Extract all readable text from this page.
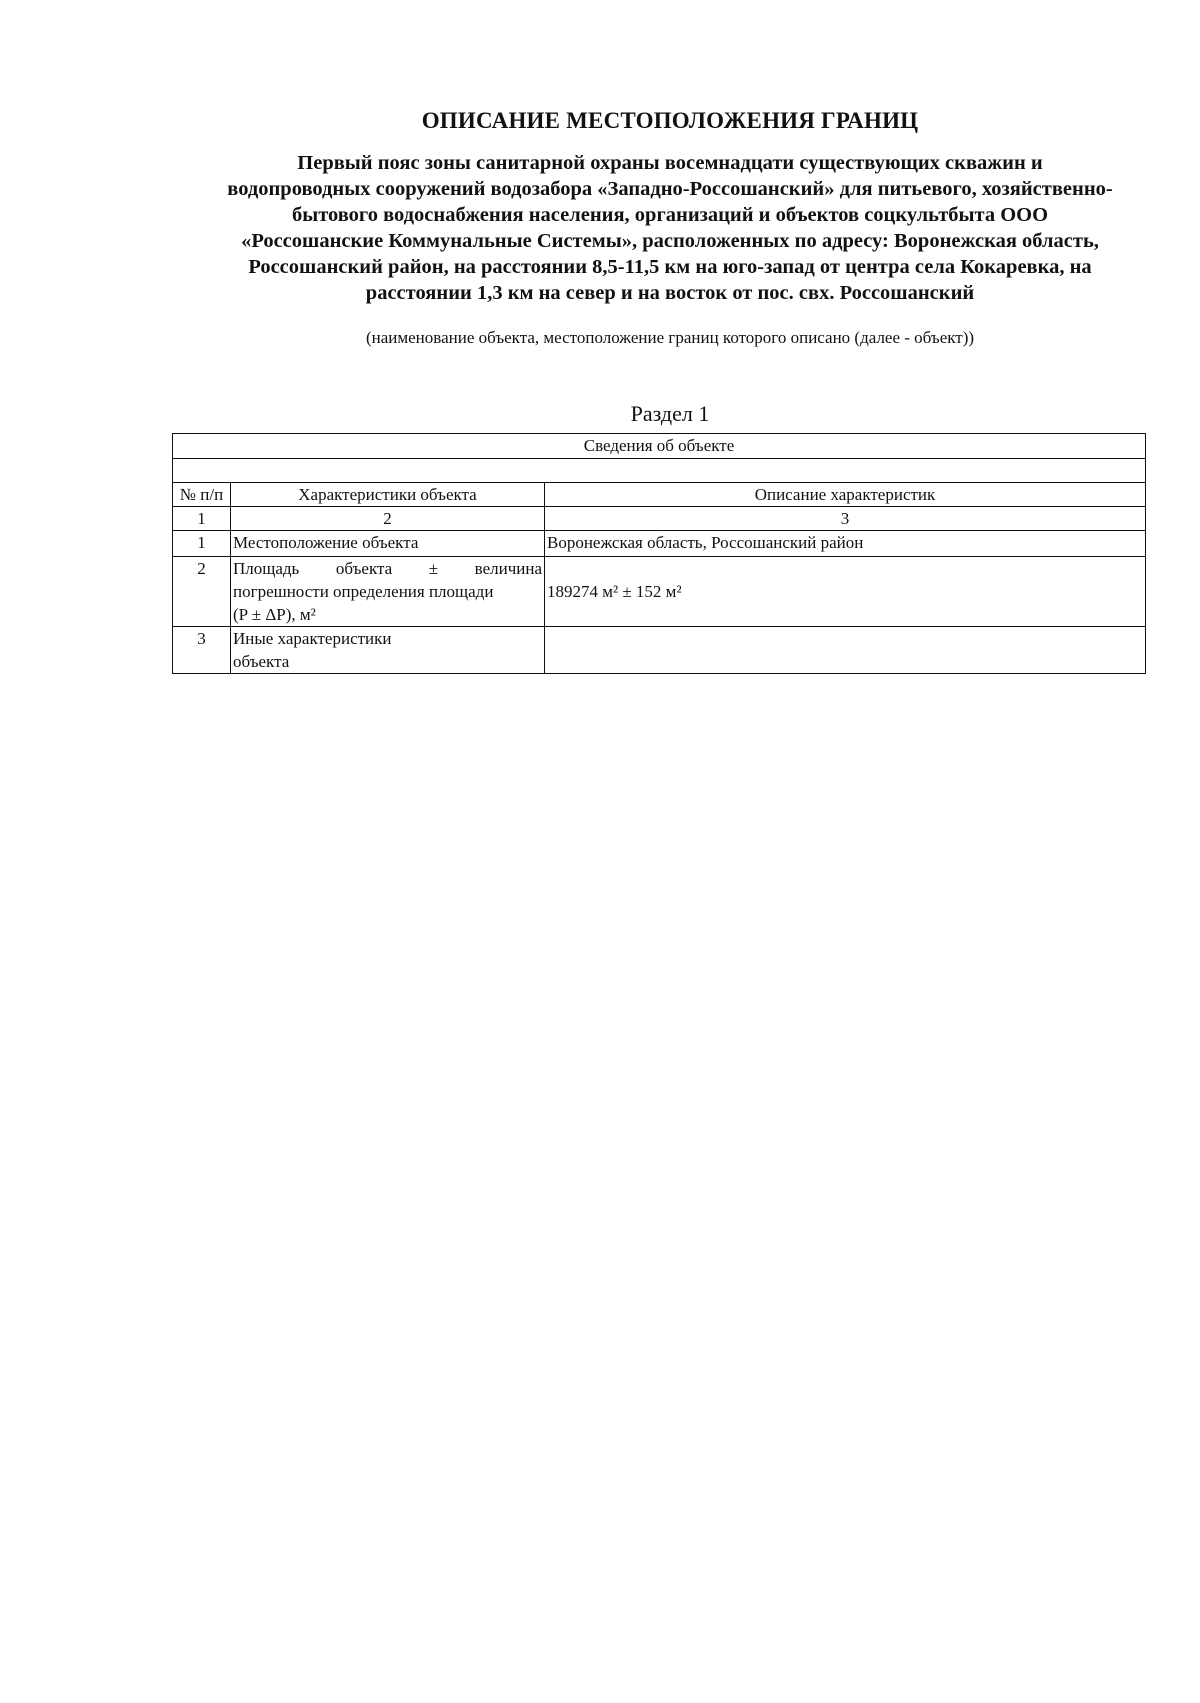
ОПИСАНИЕ МЕСТОПОЛОЖЕНИЯ ГРАНИЦ
Первый пояс зоны санитарной охраны восемнадцати существующих скважин и
водопроводных сооружений водозабора «Западно-Россошанский» для питьевого, хозяйственно-
бытового водоснабжения населения, организаций и объектов соцкультбыта ООО
«Россошанские Коммунальные Системы», расположенных по адресу: Воронежская область,
Россошанский район, на расстоянии 8,5-11,5 км на юго-запад от центра села Кокаревка, на
расстоянии 1,3 км на север и на восток от пос. свх. Россошанский

(наименование объекта, местоположение границ которого описано (далее - объект))

Раздел 1

Сведения об объекте		

№ п/п	Характеристики объекта	Описание характеристик
1	2	3
1	Местоположение объекта	Воронежская область, Россошанский район
2	Площадь объекта ± величина
погрешности определения площади
(P ± ΔP), м²	189274 м² ± 152 м²

3	Иные характеристики
объекта	
